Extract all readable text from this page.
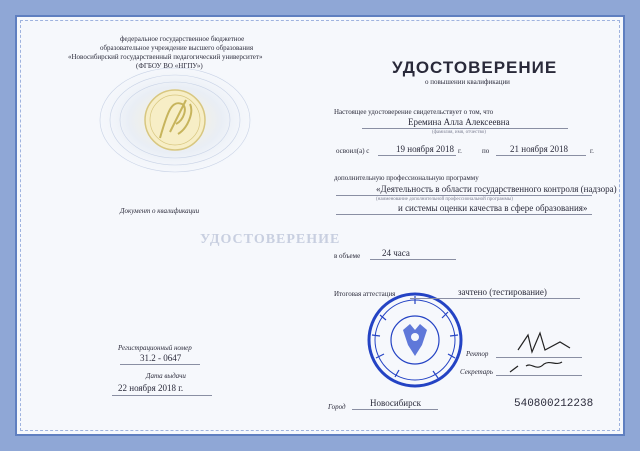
УДОСТОВЕРЕНИЕ
федеральное государственное бюджетное
образовательное учреждение высшего образования
«Новосибирский государственный педагогический университет»
(ФГБОУ ВО «НГПУ»)
Документ о квалификации
Регистрационный номер
31.2 - 0647
Дата выдачи
22 ноября 2018 г.
УДОСТОВЕРЕНИЕ
о повышении квалификации
Настоящее удостоверение свидетельствует о том, что
Еремина Алла Алексеевна
(фамилия, имя, отчество)
освоил(а) с	19 ноября 2018 г.	по 21 ноября 2018	г.
дополнительную профессиональную программу
«Деятельность в области государственного контроля (надзора)
(наименование дополнительной профессиональной программы)
и системы оценки качества в сфере образования»
в объеме 24 часа
Итоговая аттестация	зачтено (тестирование)
Ректор
Секретарь
Город	Новосибирск	540800212238
